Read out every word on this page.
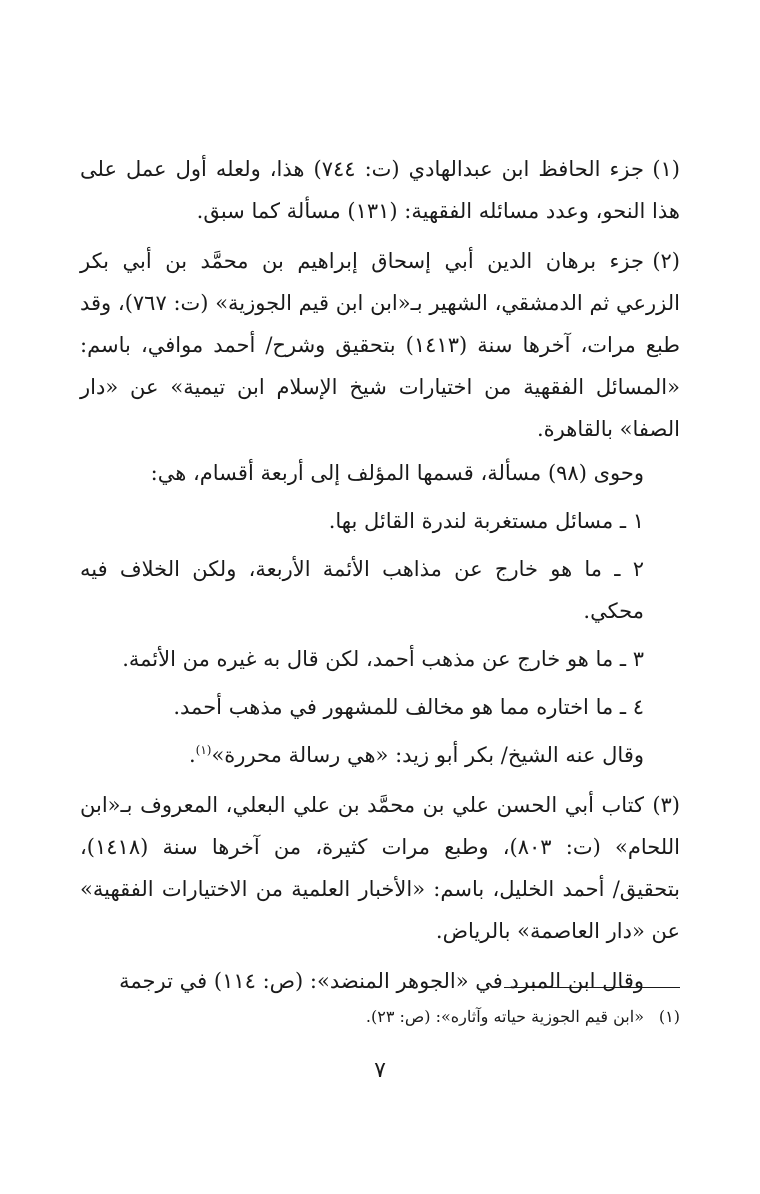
(١)جزء الحافظ ابن عبدالهادي (ت: ٧٤٤) هذا، ولعله أول عمل على هذا النحو، وعدد مسائله الفقهية: (١٣١) مسألة كما سبق.
(٢)جزء برهان الدين أبي إسحاق إبراهيم بن محمَّد بن أبي بكر الزرعي ثم الدمشقي، الشهير بـ«ابن ابن قيم الجوزية» (ت: ٧٦٧)، وقد طبع مرات، آخرها سنة (١٤١٣) بتحقيق وشرح/ أحمد موافي، باسم: «المسائل الفقهية من اختيارات شيخ الإسلام ابن تيمية» عن «دار الصفا» بالقاهرة.
وحوى (٩٨) مسألة، قسمها المؤلف إلى أربعة أقسام، هي:
١ ـ مسائل مستغربة لندرة القائل بها.
٢ ـ ما هو خارج عن مذاهب الأئمة الأربعة، ولكن الخلاف فيه محكي.
٣ ـ ما هو خارج عن مذهب أحمد، لكن قال به غيره من الأئمة.
٤ ـ ما اختاره مما هو مخالف للمشهور في مذهب أحمد.
وقال عنه الشيخ/ بكر أبو زيد: «هي رسالة محررة»$^{(١)}$.
(٣)كتاب أبي الحسن علي بن محمَّد بن علي البعلي، المعروف بـ«ابن اللحام» (ت: ٨٠٣)، وطبع مرات كثيرة، من آخرها سنة (١٤١٨)، بتحقيق/ أحمد الخليل، باسم: «الأخبار العلمية من الاختيارات الفقهية» عن «دار العاصمة» بالرياض.
وقال ابن المبرد في «الجوهر المنضد»: (ص: ١١٤) في ترجمة
(١)«ابن قيم الجوزية حياته وآثاره»: (ص: ٢٣).
٧
